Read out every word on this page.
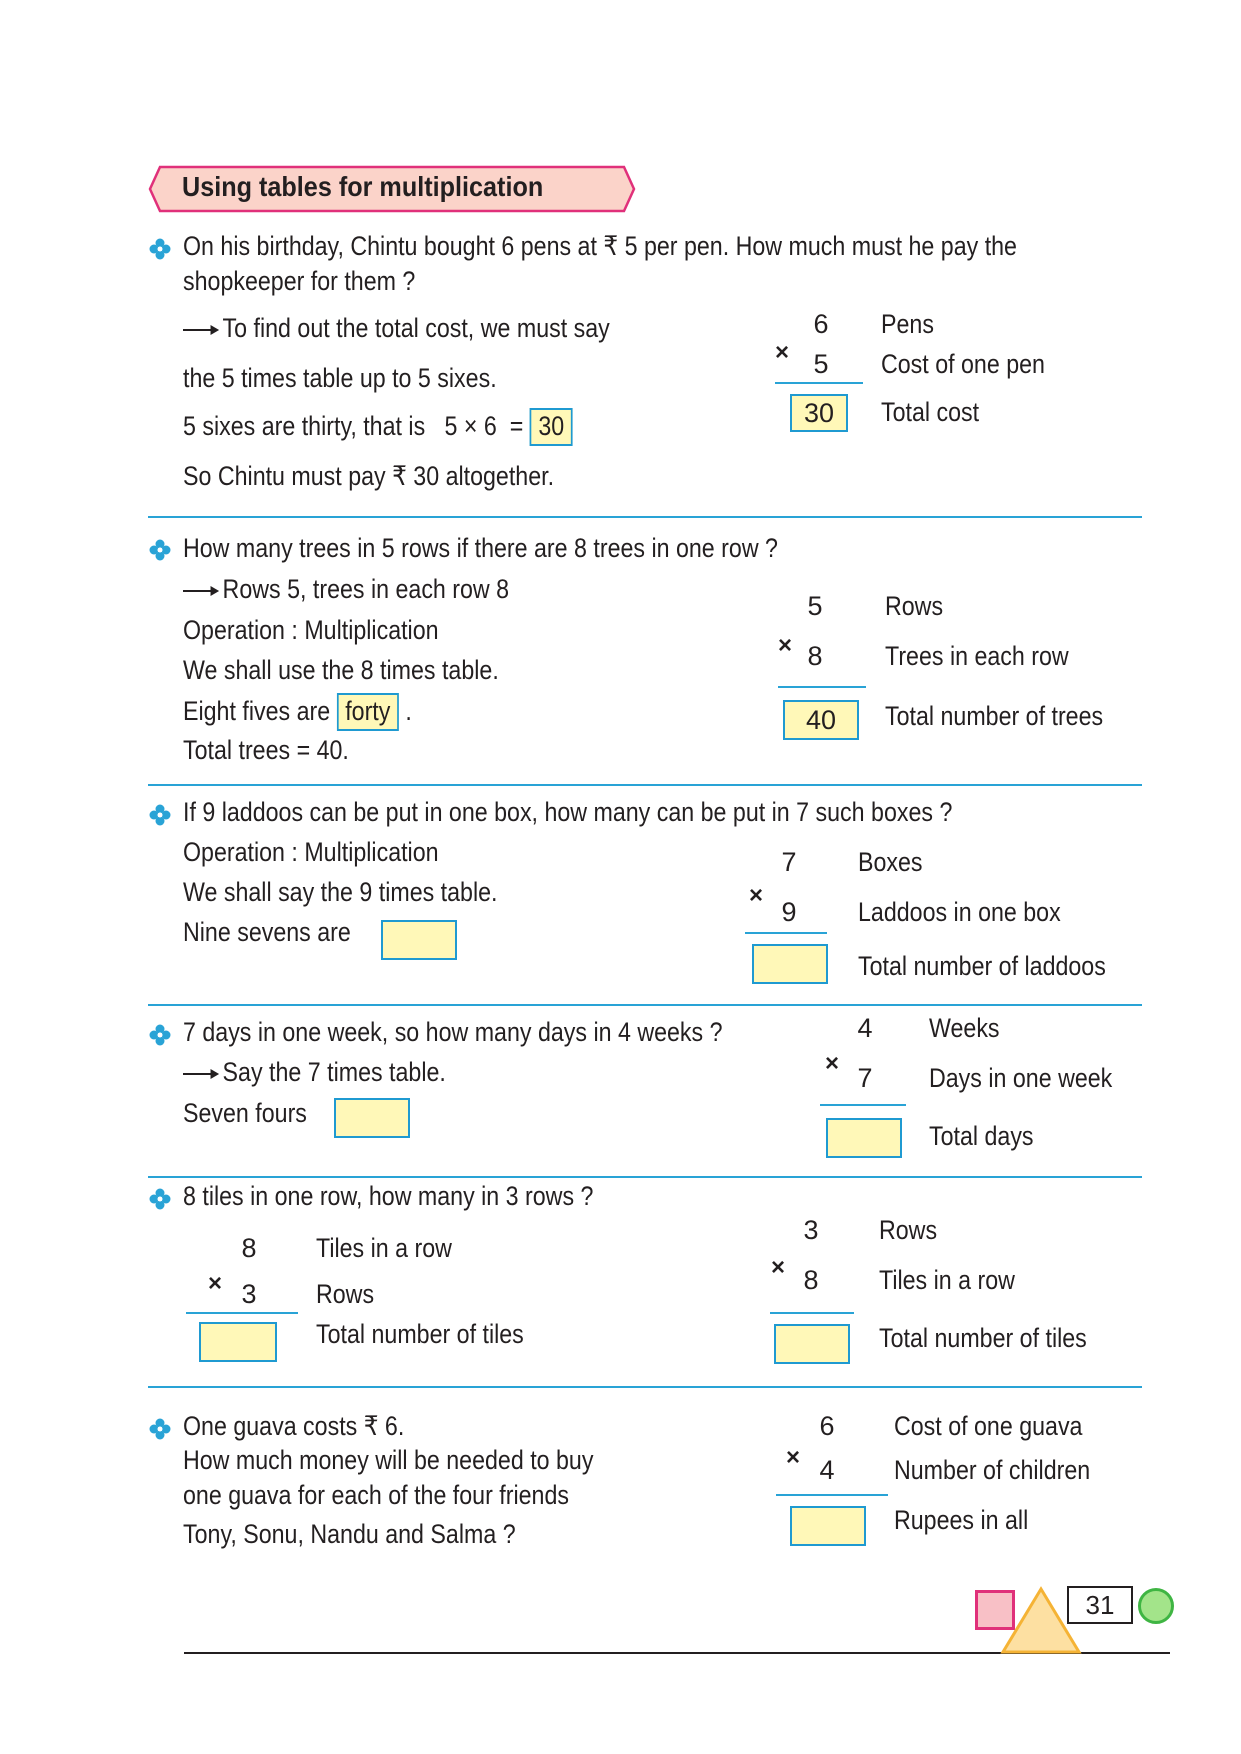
Using tables for multiplication
On his birthday, Chintu bought 6 pens at ₹ 5 per pen. How much must he pay the
shopkeeper for them ?
To find out the total cost, we must say
the 5 times table up to 5 sixes.
5 sixes are thirty, that is   5 × 6  = 30
So Chintu must pay ₹ 30 altogether.
6
× 5
30
Pens
Cost of one pen
Total cost
How many trees in 5 rows if there are 8 trees in one row ?
Rows 5, trees in each row 8
Operation : Multiplication
We shall use the 8 times table.
Eight fives are forty .
Total trees = 40.
5
× 8
40
Rows
Trees in each row
Total number of trees
If 9 laddoos can be put in one box, how many can be put in 7 such boxes ?
Operation : Multiplication
We shall say the 9 times table.
Nine sevens are
7
×
9
Boxes
Laddoos in one box
Total number of laddoos
7 days in one week, so how many days in 4 weeks ?
Say the 7 times table.
Seven fours
4
× 7
Weeks
Days in one week
Total days
8 tiles in one row, how many in 3 rows ?
8
× 3
Tiles in a row
Rows
Total number of tiles
3
× 8
Rows
Tiles in a row
Total number of tiles
One guava costs ₹ 6.
How much money will be needed to buy
one guava for each of the four friends
Tony, Sonu, Nandu and Salma ?
6
× 4
Cost of one guava
Number of children
Rupees in all
31
